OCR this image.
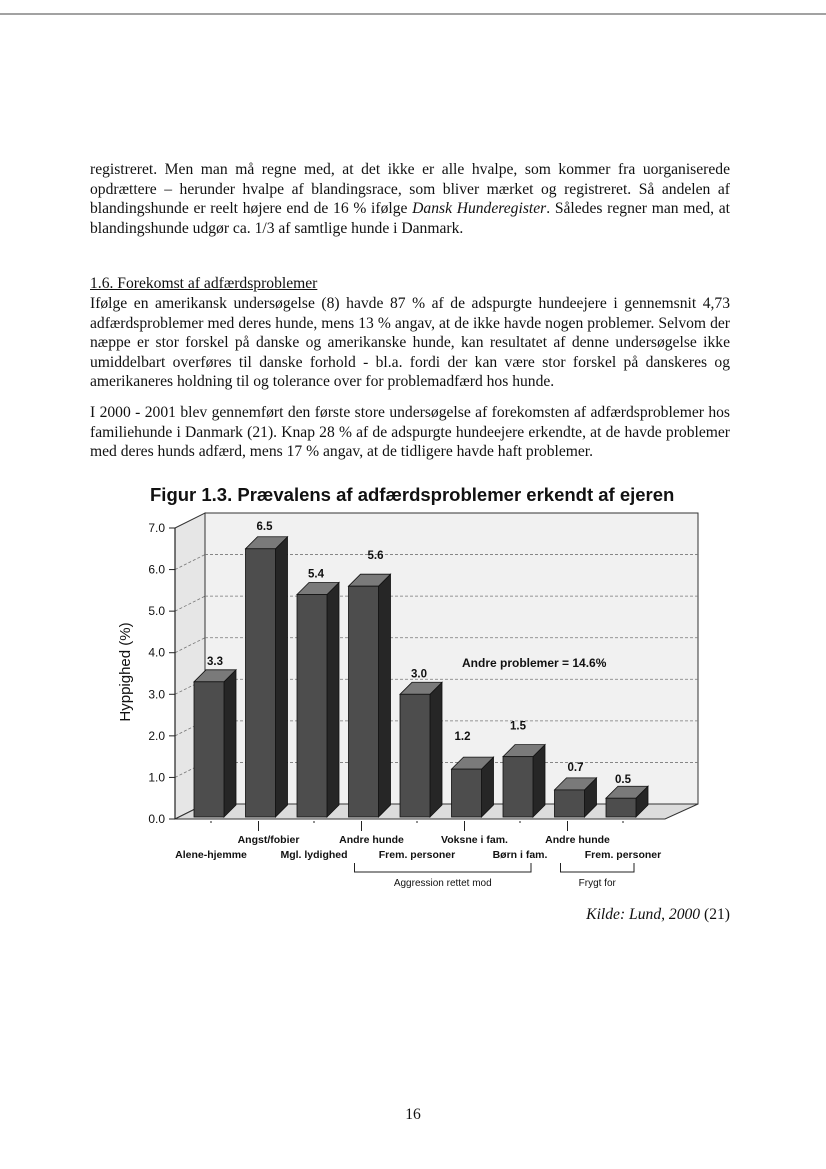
registreret. Men man må regne med, at det ikke er alle hvalpe, som kommer fra uorganiserede opdrættere – herunder hvalpe af blandingsrace, som bliver mærket og registreret. Så andelen af blandingshunde er reelt højere end de 16 % ifølge Dansk Hunderegister. Således regner man med, at blandingshunde udgør ca. 1/3 af samtlige hunde i Danmark.

1.6. Forekomst af adfærdsproblemer

Ifølge en amerikansk undersøgelse (8) havde 87 % af de adspurgte hundeejere i gennemsnit 4,73 adfærdsproblemer med deres hunde, mens 13 % angav, at de ikke havde nogen problemer. Selvom der næppe er stor forskel på danske og amerikanske hunde, kan resultatet af denne undersøgelse ikke umiddelbart overføres til danske forhold - bl.a. fordi der kan være stor forskel på danskeres og amerikaneres holdning til og tolerance over for problemadfærd hos hunde.

I 2000 - 2001 blev gennemført den første store undersøgelse af forekomsten af adfærdsproblemer hos familiehunde i Danmark (21). Knap 28 % af de adspurgte hundeejere erkendte, at de havde problemer med deres hunds adfærd, mens 17 % angav, at de tidligere havde haft problemer.

Figur 1.3. Prævalens af adfærdsproblemer erkendt af ejeren
0.0
1.0
2.0
3.0
4.0
5.0
6.0
7.0
Hyppighed (%)	3.3
6.5
5.4
5.6
3.0
1.2
1.5
0.7
0.5
Andre problemer = 14.6%
Alene-hjemme
Angst/fobier
Mgl. lydighed
Andre hunde
Frem. personer
Voksne i fam.
Børn i fam.
Andre hunde
Frem. personer
Aggression rettet mod	Frygt for
Kilde: Lund, 2000 (21)
16
